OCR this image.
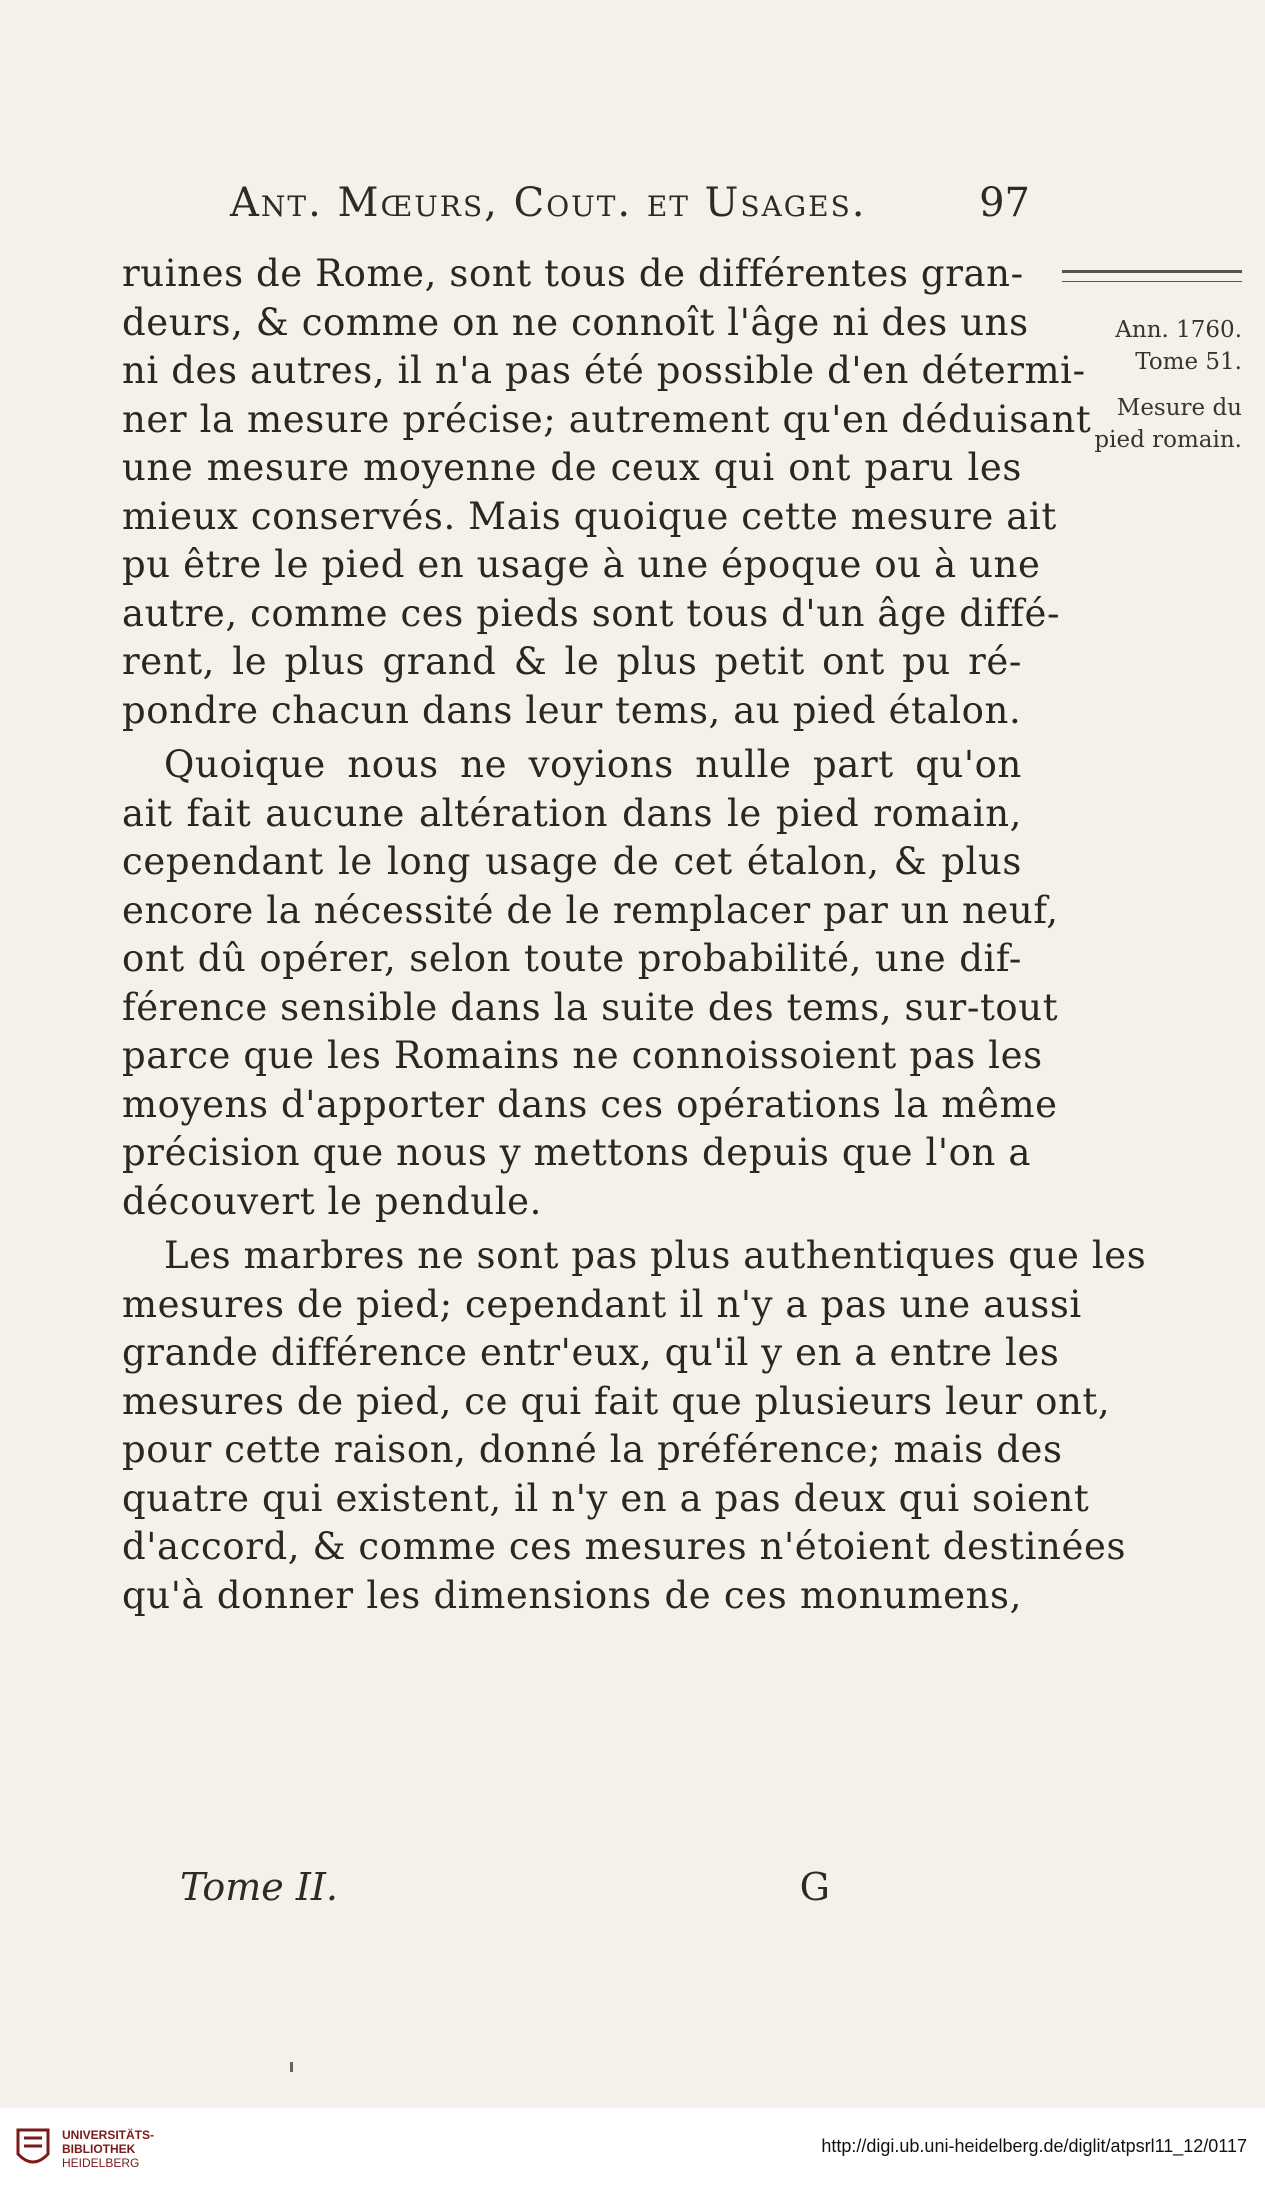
Ant. Mœurs, Cout. et Usages.	97
ruines de Rome, sont tous de différentes gran-
deurs, & comme on ne connoît l'âge ni des uns
ni des autres, il n'a pas été possible d'en détermi-
ner la mesure précise; autrement qu'en déduisant
une mesure moyenne de ceux qui ont paru les
mieux conservés. Mais quoique cette mesure ait
pu être le pied en usage à une époque ou à une
autre, comme ces pieds sont tous d'un âge diffé-
rent, le plus grand & le plus petit ont pu ré-
pondre chacun dans leur tems, au pied étalon.
Quoique nous ne voyions nulle part qu'on
ait fait aucune altération dans le pied romain,
cependant le long usage de cet étalon, & plus
encore la nécessité de le remplacer par un neuf,
ont dû opérer, selon toute probabilité, une dif-
férence sensible dans la suite des tems, sur-tout
parce que les Romains ne connoissoient pas les
moyens d'apporter dans ces opérations la même
précision que nous y mettons depuis que l'on a
découvert le pendule.
Les marbres ne sont pas plus authentiques que les
mesures de pied; cependant il n'y a pas une aussi
grande différence entr'eux, qu'il y en a entre les
mesures de pied, ce qui fait que plusieurs leur ont,
pour cette raison, donné la préférence; mais des
quatre qui existent, il n'y en a pas deux qui soient
d'accord, & comme ces mesures n'étoient destinées
qu'à donner les dimensions de ces monumens,
Ann. 1760.
Tome 51.
Mesure du
pied romain.
Tome II.	G
UNIVERSITÄTS-
BIBLIOTHEK
HEIDELBERG
http://digi.ub.uni-heidelberg.de/diglit/atpsrl11_12/0117
